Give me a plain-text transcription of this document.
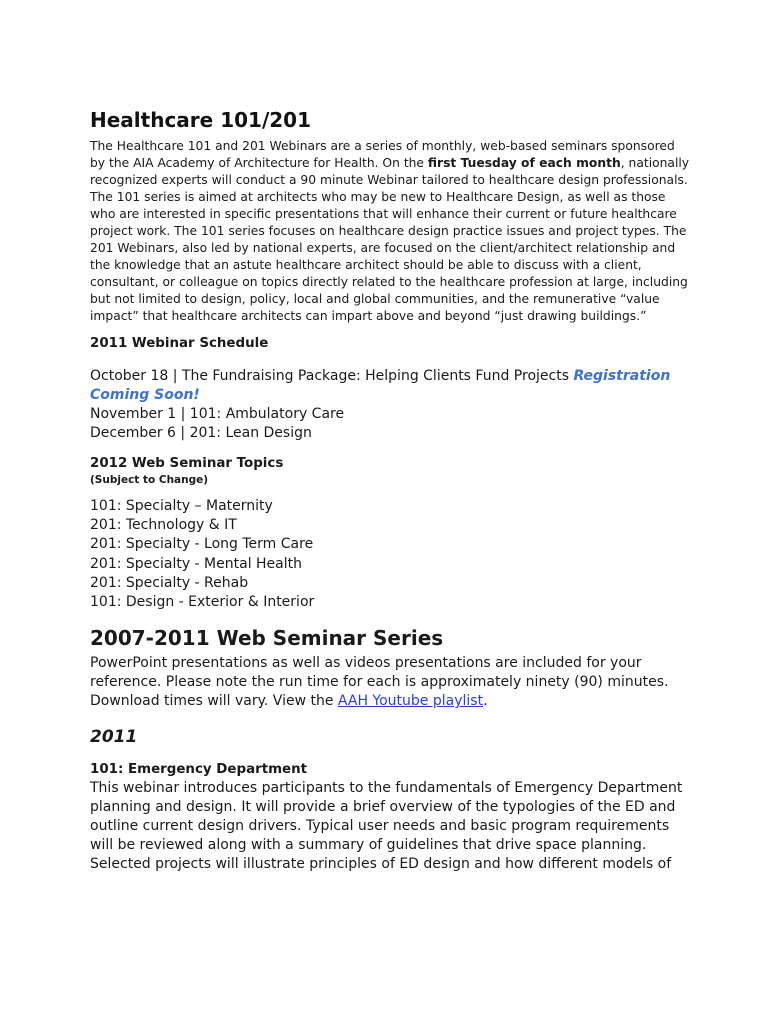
Healthcare 101/201

The Healthcare 101 and 201 Webinars are a series of monthly, web-based seminars sponsored by the AIA Academy of Architecture for Health. On the first Tuesday of each month, nationally recognized experts will conduct a 90 minute Webinar tailored to healthcare design professionals. The 101 series is aimed at architects who may be new to Healthcare Design, as well as those who are interested in specific presentations that will enhance their current or future healthcare project work. The 101 series focuses on healthcare design practice issues and project types. The 201 Webinars, also led by national experts, are focused on the client/architect relationship and the knowledge that an astute healthcare architect should be able to discuss with a client, consultant, or colleague on topics directly related to the healthcare profession at large, including but not limited to design, policy, local and global communities, and the remunerative “value impact” that healthcare architects can impart above and beyond “just drawing buildings.”

2011 Webinar Schedule
October 18 | The Fundraising Package: Helping Clients Fund Projects Registration Coming Soon!
November 1 | 101: Ambulatory Care
December 6 | 201: Lean Design
2012 Web Seminar Topics

(Subject to Change)

101: Specialty – Maternity
201: Technology & IT
201: Specialty - Long Term Care
201: Specialty - Mental Health
201: Specialty - Rehab
101: Design - Exterior & Interior
2007-2011 Web Seminar Series

PowerPoint presentations as well as videos presentations are included for your reference. Please note the run time for each is approximately ninety (90) minutes. Download times will vary. View the AAH Youtube playlist.

2011
101: Emergency Department

This webinar introduces participants to the fundamentals of Emergency Department planning and design. It will provide a brief overview of the typologies of the ED and outline current design drivers. Typical user needs and basic program requirements will be reviewed along with a summary of guidelines that drive space planning. Selected projects will illustrate principles of ED design and how different models of
